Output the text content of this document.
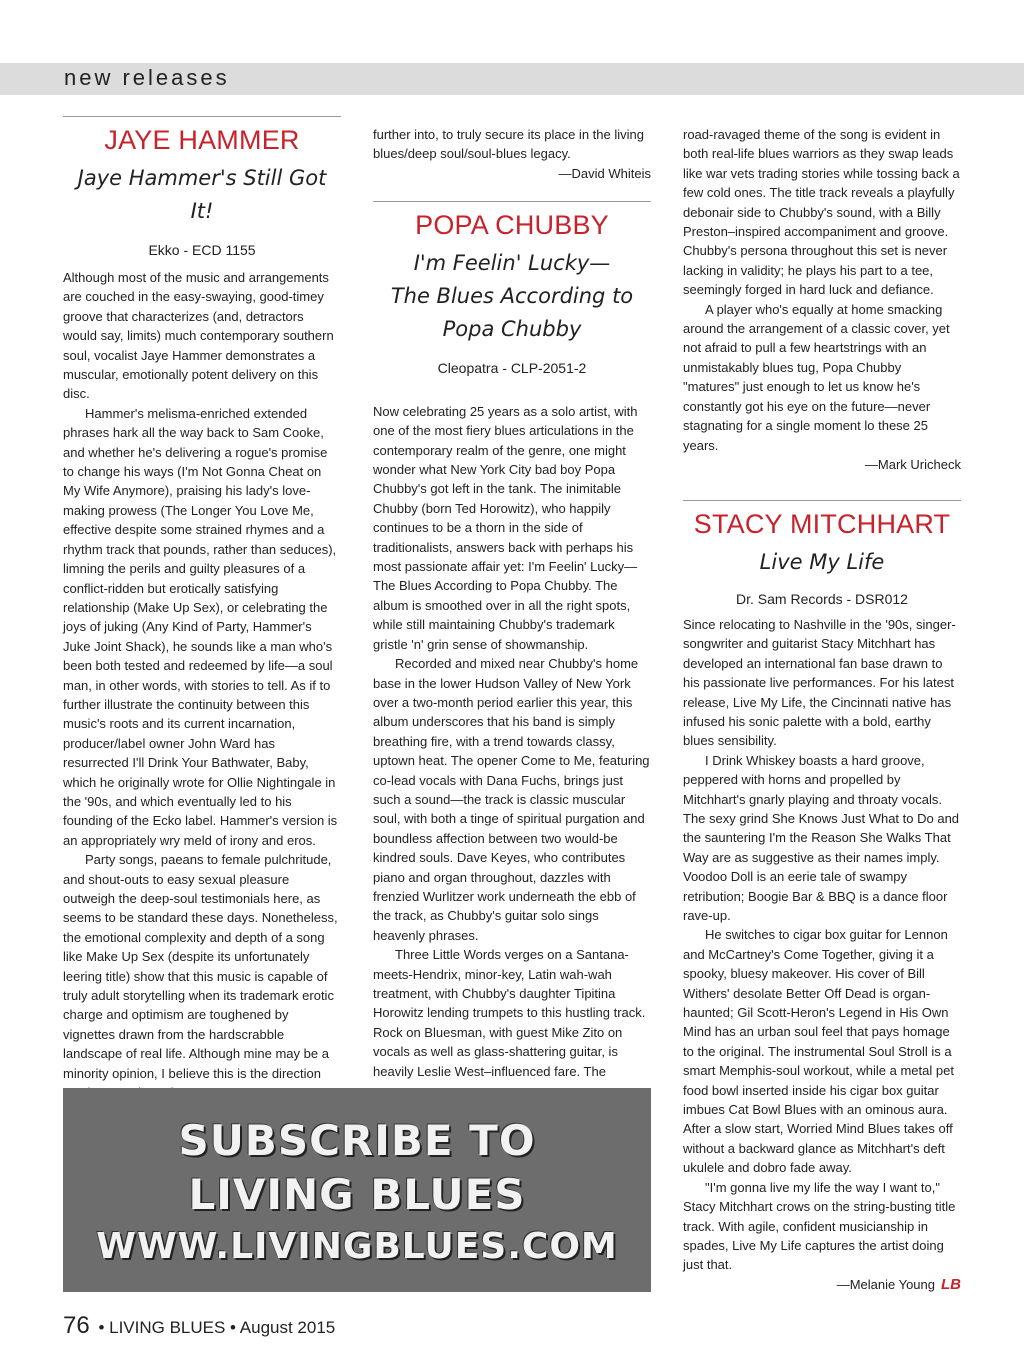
new releases
JAYE HAMMER
Jaye Hammer's Still Got It!
Ekko - ECD 1155

Although most of the music and arrangements are couched in the easy-swaying, good-timey groove that characterizes (and, detractors would say, limits) much contemporary southern soul, vocalist Jaye Hammer demonstrates a muscular, emotionally potent delivery on this disc.

Hammer's melisma-enriched extended phrases hark all the way back to Sam Cooke, and whether he's delivering a rogue's promise to change his ways (I'm Not Gonna Cheat on My Wife Anymore), praising his lady's love-making prowess (The Longer You Love Me, effective despite some strained rhymes and a rhythm track that pounds, rather than seduces), limning the perils and guilty pleasures of a conflict-ridden but erotically satisfying relationship (Make Up Sex), or celebrating the joys of juking (Any Kind of Party, Hammer's Juke Joint Shack), he sounds like a man who's been both tested and redeemed by life—a soul man, in other words, with stories to tell. As if to further illustrate the continuity between this music's roots and its current incarnation, producer/label owner John Ward has resurrected I'll Drink Your Bathwater, Baby, which he originally wrote for Ollie Nightingale in the '90s, and which eventually led to his founding of the Ecko label. Hammer's version is an appropriately wry meld of irony and eros.

Party songs, paeans to female pulchritude, and shout-outs to easy sexual pleasure outweigh the deep-soul testimonials here, as seems to be standard these days. Nonetheless, the emotional complexity and depth of a song like Make Up Sex (despite its unfortunately leering title) show that this music is capable of truly adult storytelling when its trademark erotic charge and optimism are toughened by vignettes drawn from the hardscrabble landscape of real life. Although mine may be a minority opinion, I believe this is the direction

further into, to truly secure its place in the living blues/deep soul/soul-blues legacy.

—David Whiteis

POPA CHUBBY
I'm Feelin' Lucky—
The Blues According to
Popa Chubby
Cleopatra - CLP-2051-2

Now celebrating 25 years as a solo artist, with one of the most fiery blues articulations in the contemporary realm of the genre, one might wonder what New York City bad boy Popa Chubby's got left in the tank. The inimitable Chubby (born Ted Horowitz), who happily continues to be a thorn in the side of traditionalists, answers back with perhaps his most passionate affair yet: I'm Feelin' Lucky—The Blues According to Popa Chubby. The album is smoothed over in all the right spots, while still maintaining Chubby's trademark gristle 'n' grin sense of showmanship.

Recorded and mixed near Chubby's home base in the lower Hudson Valley of New York over a two-month period earlier this year, this album underscores that his band is simply breathing fire, with a trend towards classy, uptown heat. The opener Come to Me, featuring co-lead vocals with Dana Fuchs, brings just such a sound—the track is classic muscular soul, with both a tinge of spiritual purgation and boundless affection between two would-be kindred souls. Dave Keyes, who contributes piano and organ throughout, dazzles with frenzied Wurlitzer work underneath the ebb of the track, as Chubby's guitar solo sings heavenly phrases.

Three Little Words verges on a Santana-meets-Hendrix, minor-key, Latin wah-wah treatment, with Chubby's daughter Tipitina Horowitz lending trumpets to this hustling track. Rock on Bluesman, with guest Mike Zito on vocals as well as glass-shattering guitar, is heavily Leslie West–influenced fare. The

road-ravaged theme of the song is evident in both real-life blues warriors as they swap leads like war vets trading stories while tossing back a few cold ones. The title track reveals a playfully debonair side to Chubby's sound, with a Billy Preston–inspired accompaniment and groove. Chubby's persona throughout this set is never lacking in validity; he plays his part to a tee, seemingly forged in hard luck and defiance.

A player who's equally at home smacking around the arrangement of a classic cover, yet not afraid to pull a few heartstrings with an unmistakably blues tug, Popa Chubby "matures" just enough to let us know he's constantly got his eye on the future—never stagnating for a single moment lo these 25 years.

—Mark Uricheck

STACY MITCHHART
Live My Life
Dr. Sam Records - DSR012

Since relocating to Nashville in the '90s, singer-songwriter and guitarist Stacy Mitchhart has developed an international fan base drawn to his passionate live performances. For his latest release, Live My Life, the Cincinnati native has infused his sonic palette with a bold, earthy blues sensibility.

I Drink Whiskey boasts a hard groove, peppered with horns and propelled by Mitchhart's gnarly playing and throaty vocals. The sexy grind She Knows Just What to Do and the sauntering I'm the Reason She Walks That Way are as suggestive as their names imply. Voodoo Doll is an eerie tale of swampy retribution; Boogie Bar & BBQ is a dance floor rave-up.

He switches to cigar box guitar for Lennon and McCartney's Come Together, giving it a spooky, bluesy makeover. His cover of Bill Withers' desolate Better Off Dead is organ-haunted; Gil Scott-Heron's Legend in His Own Mind has an urban soul feel that pays homage to the original. The instrumental Soul Stroll is a smart Memphis-soul workout, while a metal pet food bowl inserted inside his cigar box guitar imbues Cat Bowl Blues with an ominous aura. After a slow start, Worried Mind Blues takes off without a backward glance as Mitchhart's deft ukulele and dobro fade away.

"I'm gonna live my life the way I want to," Stacy Mitchhart crows on the string-busting title track. With agile, confident musicianship in spades, Live My Life captures the artist doing just that.

—Melanie Young LB

SUBSCRIBE TO
LIVING BLUES
WWW.LIVINGBLUES.COM
76 • LIVING BLUES • August 2015
